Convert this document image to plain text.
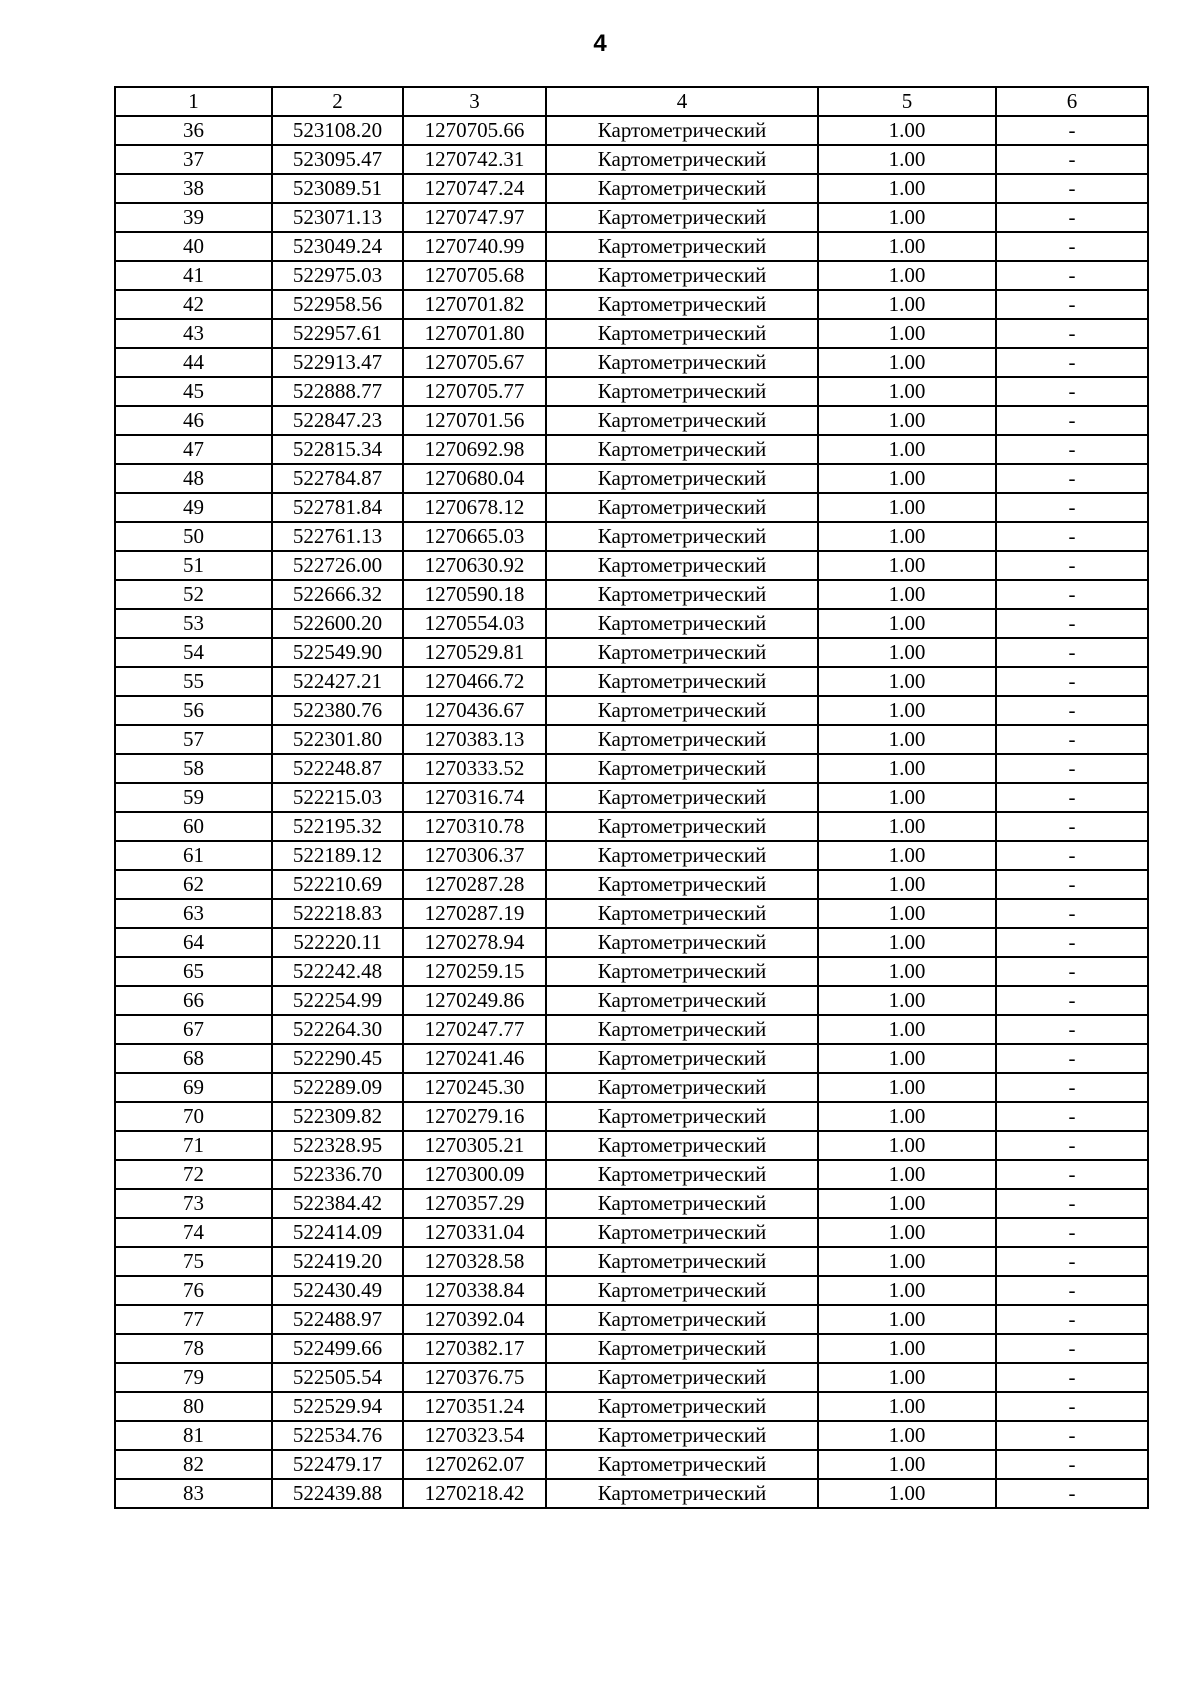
4
1	2	3	4	5	6
36	523108.20	1270705.66	Картометрический	1.00	-
37	523095.47	1270742.31	Картометрический	1.00	-
38	523089.51	1270747.24	Картометрический	1.00	-
39	523071.13	1270747.97	Картометрический	1.00	-
40	523049.24	1270740.99	Картометрический	1.00	-
41	522975.03	1270705.68	Картометрический	1.00	-
42	522958.56	1270701.82	Картометрический	1.00	-
43	522957.61	1270701.80	Картометрический	1.00	-
44	522913.47	1270705.67	Картометрический	1.00	-
45	522888.77	1270705.77	Картометрический	1.00	-
46	522847.23	1270701.56	Картометрический	1.00	-
47	522815.34	1270692.98	Картометрический	1.00	-
48	522784.87	1270680.04	Картометрический	1.00	-
49	522781.84	1270678.12	Картометрический	1.00	-
50	522761.13	1270665.03	Картометрический	1.00	-
51	522726.00	1270630.92	Картометрический	1.00	-
52	522666.32	1270590.18	Картометрический	1.00	-
53	522600.20	1270554.03	Картометрический	1.00	-
54	522549.90	1270529.81	Картометрический	1.00	-
55	522427.21	1270466.72	Картометрический	1.00	-
56	522380.76	1270436.67	Картометрический	1.00	-
57	522301.80	1270383.13	Картометрический	1.00	-
58	522248.87	1270333.52	Картометрический	1.00	-
59	522215.03	1270316.74	Картометрический	1.00	-
60	522195.32	1270310.78	Картометрический	1.00	-
61	522189.12	1270306.37	Картометрический	1.00	-
62	522210.69	1270287.28	Картометрический	1.00	-
63	522218.83	1270287.19	Картометрический	1.00	-
64	522220.11	1270278.94	Картометрический	1.00	-
65	522242.48	1270259.15	Картометрический	1.00	-
66	522254.99	1270249.86	Картометрический	1.00	-
67	522264.30	1270247.77	Картометрический	1.00	-
68	522290.45	1270241.46	Картометрический	1.00	-
69	522289.09	1270245.30	Картометрический	1.00	-
70	522309.82	1270279.16	Картометрический	1.00	-
71	522328.95	1270305.21	Картометрический	1.00	-
72	522336.70	1270300.09	Картометрический	1.00	-
73	522384.42	1270357.29	Картометрический	1.00	-
74	522414.09	1270331.04	Картометрический	1.00	-
75	522419.20	1270328.58	Картометрический	1.00	-
76	522430.49	1270338.84	Картометрический	1.00	-
77	522488.97	1270392.04	Картометрический	1.00	-
78	522499.66	1270382.17	Картометрический	1.00	-
79	522505.54	1270376.75	Картометрический	1.00	-
80	522529.94	1270351.24	Картометрический	1.00	-
81	522534.76	1270323.54	Картометрический	1.00	-
82	522479.17	1270262.07	Картометрический	1.00	-
83	522439.88	1270218.42	Картометрический	1.00	-
